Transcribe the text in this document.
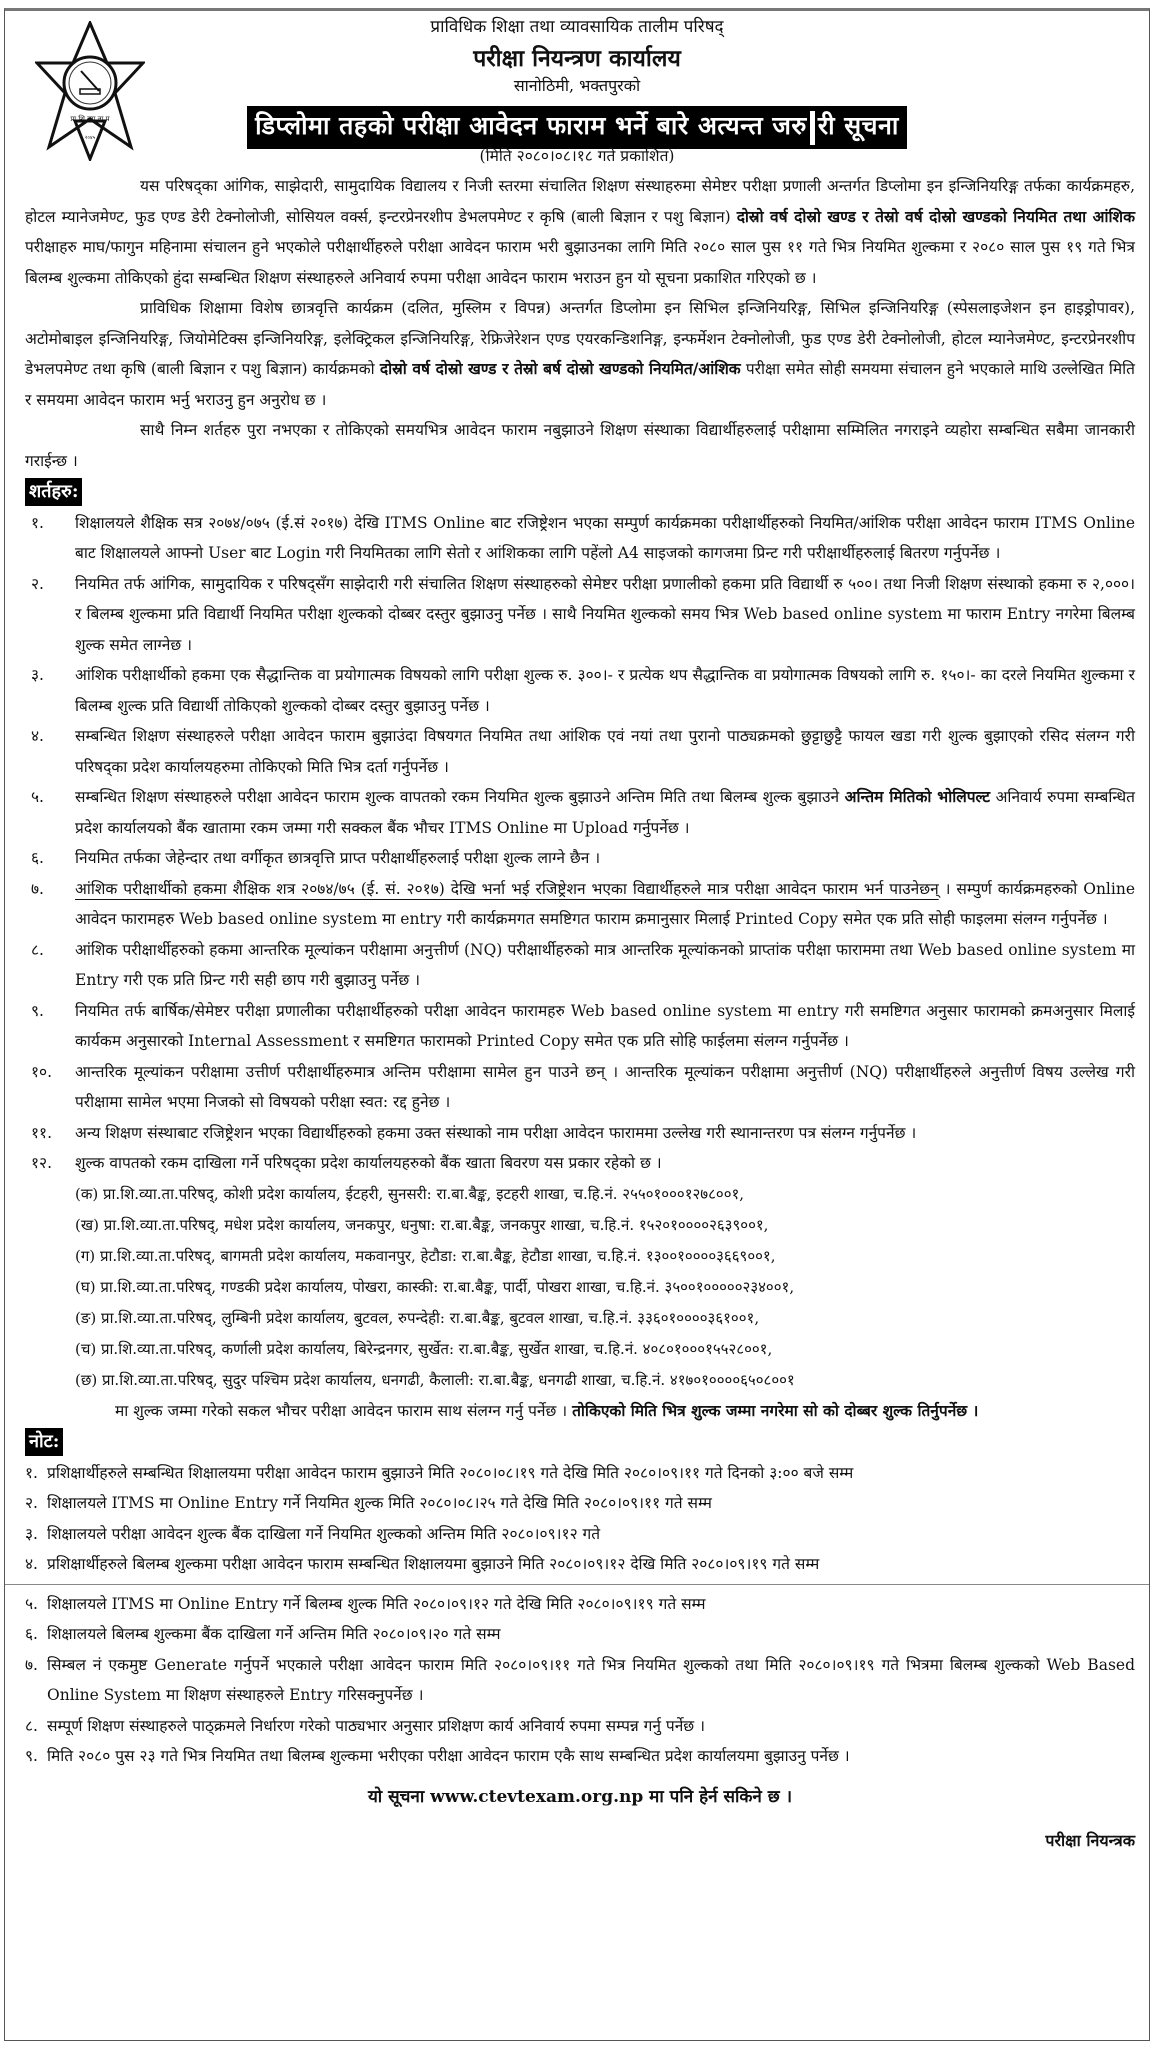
प्रा शि व्या ता प
२०४५
प्राविधिक शिक्षा तथा व्यावसायिक तालीम परिषद्
परीक्षा नियन्त्रण कार्यालय
सानोठिमी, भक्तपुरको
डिप्लोमा तहको परीक्षा आवेदन फाराम भर्ने बारे अत्यन्त जरु री सूचना
(मिति २०८०।०८।१८ गते प्रकाशित)

यस परिषद्का आंगिक, साझेदारी, सामुदायिक विद्यालय र निजी स्तरमा संचालित शिक्षण संस्थाहरुमा सेमेष्टर परीक्षा प्रणाली अन्तर्गत डिप्लोमा इन इन्जिनियरिङ्ग तर्फका कार्यक्रमहरु, होटल म्यानेजमेण्ट, फुड एण्ड डेरी टेक्नोलोजी, सोसियल वर्क्स, इन्टरप्रेनरशीप डेभलपमेण्ट र कृषि (बाली बिज्ञान र पशु बिज्ञान) दोस्रो वर्ष दोस्रो खण्ड र तेस्रो वर्ष दोस्रो खण्डको नियमित तथा आंशिक परीक्षाहरु माघ/फागुन महिनामा संचालन हुने भएकोले परीक्षार्थीहरुले परीक्षा आवेदन फाराम भरी बुझाउनका लागि मिति २०८० साल पुस ११ गते भित्र नियमित शुल्कमा र २०८० साल पुस १९ गते भित्र बिलम्ब शुल्कमा तोकिएको हुंदा सम्बन्धित शिक्षण संस्थाहरुले अनिवार्य रुपमा परीक्षा आवेदन फाराम भराउन हुन यो सूचना प्रकाशित गरिएको छ ।

प्राविधिक शिक्षामा विशेष छात्रवृत्ति कार्यक्रम (दलित, मुस्लिम र विपन्न) अन्तर्गत डिप्लोमा इन सिभिल इन्जिनियरिङ्ग, सिभिल इन्जिनियरिङ्ग (स्पेसलाइजेशन इन हाइड्रोपावर), अटोमोबाइल इन्जिनियरिङ्ग, जियोमेटिक्स इन्जिनियरिङ्ग, इलेक्ट्रिकल इन्जिनियरिङ्ग, रेफ्रिजेरेशन एण्ड एयरकन्डिशनिङ्ग, इन्फर्मेशन टेक्नोलोजी, फुड एण्ड डेरी टेक्नोलोजी, होटल म्यानेजमेण्ट, इन्टरप्रेनरशीप डेभलपमेण्ट तथा कृषि (बाली बिज्ञान र पशु बिज्ञान) कार्यक्रमको दोस्रो वर्ष दोस्रो खण्ड र तेस्रो बर्ष दोस्रो खण्डको नियमित/आंशिक परीक्षा समेत सोही समयमा संचालन हुने भएकाले माथि उल्लेखित मिति र समयमा आवेदन फाराम भर्नु भराउनु हुन अनुरोध छ ।

साथै निम्न शर्तहरु पुरा नभएका र तोकिएको समयभित्र आवेदन फाराम नबुझाउने शिक्षण संस्थाका विद्यार्थीहरुलाई परीक्षामा सम्मिलित नगराइने व्यहोरा सम्बन्धित सबैमा जानकारी गराईन्छ ।

शर्तहरु:
१.	शिक्षालयले शैक्षिक सत्र २०७४/०७५ (ई.सं २०१७) देखि ITMS Online बाट रजिष्ट्रेशन भएका सम्पुर्ण कार्यक्रमका परीक्षार्थीहरुको नियमित/आंशिक परीक्षा आवेदन फाराम ITMS Online बाट शिक्षालयले आफ्नो User बाट Login गरी नियमितका लागि सेतो र आंशिकका लागि पहेंलो A4 साइजको कागजमा प्रिन्ट गरी परीक्षार्थीहरुलाई बितरण गर्नुपर्नेछ ।
२.	नियमित तर्फ आंगिक, सामुदायिक र परिषद्सँग साझेदारी गरी संचालित शिक्षण संस्थाहरुको सेमेष्टर परीक्षा प्रणालीको हकमा प्रति विद्यार्थी रु ५००। तथा निजी शिक्षण संस्थाको हकमा रु २,०००। र बिलम्ब शुल्कमा प्रति विद्यार्थी नियमित परीक्षा शुल्कको दोब्बर दस्तुर बुझाउनु पर्नेछ । साथै नियमित शुल्कको समय भित्र Web based online system मा फाराम Entry नगरेमा बिलम्ब शुल्क समेत लाग्नेछ ।
३.	आंशिक परीक्षार्थीको हकमा एक सैद्धान्तिक वा प्रयोगात्मक विषयको लागि परीक्षा शुल्क रु. ३००।- र प्रत्येक थप सैद्धान्तिक वा प्रयोगात्मक विषयको लागि रु. १५०।- का दरले नियमित शुल्कमा र बिलम्ब शुल्क प्रति विद्यार्थी तोकिएको शुल्कको दोब्बर दस्तुर बुझाउनु पर्नेछ ।
४.	सम्बन्धित शिक्षण संस्थाहरुले परीक्षा आवेदन फाराम बुझाउंदा विषयगत नियमित तथा आंशिक एवं नयां तथा पुरानो पाठ्यक्रमको छुट्टाछुट्टै फायल खडा गरी शुल्क बुझाएको रसिद संलग्न गरी परिषद्का प्रदेश कार्यालयहरुमा तोकिएको मिति भित्र दर्ता गर्नुपर्नेछ ।
५.	सम्बन्धित शिक्षण संस्थाहरुले परीक्षा आवेदन फाराम शुल्क वापतको रकम नियमित शुल्क बुझाउने अन्तिम मिति तथा बिलम्ब शुल्क बुझाउने अन्तिम मितिको भोलिपल्ट अनिवार्य रुपमा सम्बन्धित प्रदेश कार्यालयको बैंक खातामा रकम जम्मा गरी सक्कल बैंक भौचर ITMS Online मा Upload गर्नुपर्नेछ ।
६.	नियमित तर्फका जेहेन्दार तथा वर्गीकृत छात्रवृत्ति प्राप्त परीक्षार्थीहरुलाई परीक्षा शुल्क लाग्ने छैन ।
७.	आंशिक परीक्षार्थीको हकमा शैक्षिक शत्र २०७४/७५ (ई. सं. २०१७) देखि भर्ना भई रजिष्ट्रेशन भएका विद्यार्थीहरुले मात्र परीक्षा आवेदन फाराम भर्न पाउनेछन् । सम्पुर्ण कार्यक्रमहरुको Online आवेदन फारामहरु Web based online system मा entry गरी कार्यक्रमगत समष्टिगत फाराम क्रमानुसार मिलाई Printed Copy समेत एक प्रति सोही फाइलमा संलग्न गर्नुपर्नेछ ।
८.	आंशिक परीक्षार्थीहरुको हकमा आन्तरिक मूल्यांकन परीक्षामा अनुत्तीर्ण (NQ) परीक्षार्थीहरुको मात्र आन्तरिक मूल्यांकनको प्राप्तांक परीक्षा फाराममा तथा Web based online system मा Entry गरी एक प्रति प्रिन्ट गरी सही छाप गरी बुझाउनु पर्नेछ ।
९.	नियमित तर्फ बार्षिक/सेमेष्टर परीक्षा प्रणालीका परीक्षार्थीहरुको परीक्षा आवेदन फारामहरु Web based online system मा entry गरी समष्टिगत अनुसार फारामको क्रमअनुसार मिलाई कार्यकम अनुसारको Internal Assessment र समष्टिगत फारामको Printed Copy समेत एक प्रति सोहि फाईलमा संलग्न गर्नुपर्नेछ ।
१०.	आन्तरिक मूल्यांकन परीक्षामा उत्तीर्ण परीक्षार्थीहरुमात्र अन्तिम परीक्षामा सामेल हुन पाउने छन् । आन्तरिक मूल्यांकन परीक्षामा अनुत्तीर्ण (NQ) परीक्षार्थीहरुले अनुत्तीर्ण विषय उल्लेख गरी परीक्षामा सामेल भएमा निजको सो विषयको परीक्षा स्वत: रद्द हुनेछ ।
११.	अन्य शिक्षण संस्थाबाट रजिष्ट्रेशन भएका विद्यार्थीहरुको हकमा उक्त संस्थाको नाम परीक्षा आवेदन फाराममा उल्लेख गरी स्थानान्तरण पत्र संलग्न गर्नुपर्नेछ ।
१२.	शुल्क वापतको रकम दाखिला गर्ने परिषद्का प्रदेश कार्यालयहरुको बैंक खाता बिवरण यस प्रकार रहेको छ ।

(क) प्रा.शि.व्या.ता.परिषद्, कोशी प्रदेश कार्यालय, ईटहरी, सुनसरी: रा.बा.बैङ्क, इटहरी शाखा, च.हि.नं. २५५०१०००१२७८००१,

(ख) प्रा.शि.व्या.ता.परिषद्, मधेश प्रदेश कार्यालय, जनकपुर, धनुषा: रा.बा.बैङ्क, जनकपुर शाखा, च.हि.नं. १५२०१००००२६३९००१,

(ग) प्रा.शि.व्या.ता.परिषद्, बागमती प्रदेश कार्यालय, मकवानपुर, हेटौडा: रा.बा.बैङ्क, हेटौडा शाखा, च.हि.नं. १३००१००००३६६९००१,

(घ) प्रा.शि.व्या.ता.परिषद्, गण्डकी प्रदेश कार्यालय, पोखरा, कास्की: रा.बा.बैङ्क, पार्दी, पोखरा शाखा, च.हि.नं. ३५००१०००००२३४००१,

(ङ) प्रा.शि.व्या.ता.परिषद्, लुम्बिनी प्रदेश कार्यालय, बुटवल, रुपन्देही: रा.बा.बैङ्क, बुटवल शाखा, च.हि.नं. ३३६०१००००३६१००१,

(च) प्रा.शि.व्या.ता.परिषद्, कर्णाली प्रदेश कार्यालय, बिरेन्द्रनगर, सुर्खेत: रा.बा.बैङ्क, सुर्खेत शाखा, च.हि.नं. ४०८०१०००१५५२८००१,

(छ) प्रा.शि.व्या.ता.परिषद्, सुदुर पश्चिम प्रदेश कार्यालय, धनगढी, कैलाली: रा.बा.बैङ्क, धनगढी शाखा, च.हि.नं. ४१७०१००००६५०८००१

मा शुल्क जम्मा गरेको सकल भौचर परीक्षा आवेदन फाराम साथ संलग्न गर्नु पर्नेछ । तोकिएको मिति भित्र शुल्क जम्मा नगरेमा सो को दोब्बर शुल्क तिर्नुपर्नेछ ।

नोट:
१. प्रशिक्षार्थीहरुले सम्बन्धित शिक्षालयमा परीक्षा आवेदन फाराम बुझाउने मिति २०८०।०८।१९ गते देखि मिति २०८०।०९।११ गते दिनको ३:०० बजे सम्म
२. शिक्षालयले ITMS मा Online Entry गर्ने नियमित शुल्क मिति २०८०।०८।२५ गते देखि मिति २०८०।०९।११ गते सम्म
३. शिक्षालयले परीक्षा आवेदन शुल्क बैंक दाखिला गर्ने नियमित शुल्कको अन्तिम मिति २०८०।०९।१२ गते
४. प्रशिक्षार्थीहरुले बिलम्ब शुल्कमा परीक्षा आवेदन फाराम सम्बन्धित शिक्षालयमा बुझाउने मिति २०८०।०९।१२ देखि मिति २०८०।०९।१९ गते सम्म
५. शिक्षालयले ITMS मा Online Entry गर्ने बिलम्ब शुल्क मिति २०८०।०९।१२ गते देखि मिति २०८०।०९।१९ गते सम्म
६. शिक्षालयले बिलम्ब शुल्कमा बैंक दाखिला गर्ने अन्तिम मिति २०८०।०९।२० गते सम्म
७. सिम्बल नं एकमुष्ट Generate गर्नुपर्ने भएकाले परीक्षा आवेदन फाराम मिति २०८०।०९।११ गते भित्र नियमित शुल्कको तथा मिति २०८०।०९।१९ गते भित्रमा बिलम्ब शुल्कको Web Based Online System मा शिक्षण संस्थाहरुले Entry गरिसक्नुपर्नेछ ।
८. सम्पूर्ण शिक्षण संस्थाहरुले पाठ्क्रमले निर्धारण गरेको पाठ्यभार अनुसार प्रशिक्षण कार्य अनिवार्य रुपमा सम्पन्न गर्नु पर्नेछ ।
९. मिति २०८० पुस २३ गते भित्र नियमित तथा बिलम्ब शुल्कमा भरीएका परीक्षा आवेदन फाराम एकै साथ सम्बन्धित प्रदेश कार्यालयमा बुझाउनु पर्नेछ ।
यो सूचना www.ctevtexam.org.np मा पनि हेर्न सकिने छ ।
परीक्षा नियन्त्रक
